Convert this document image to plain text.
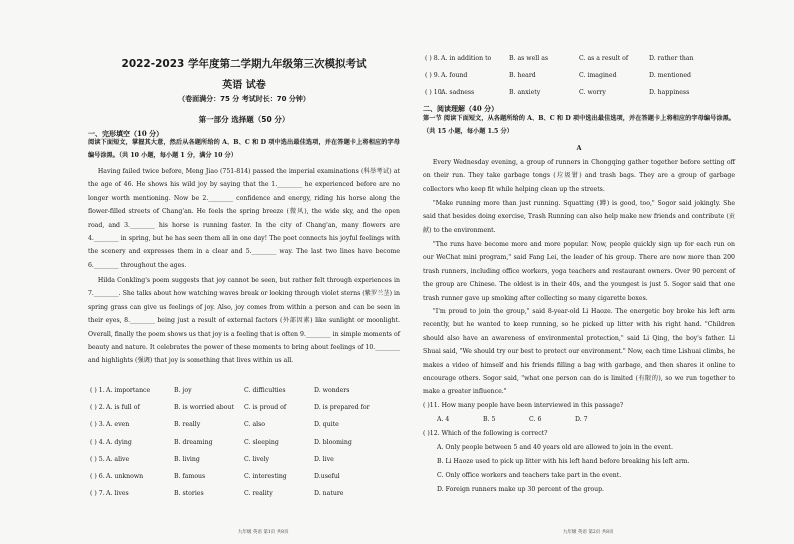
2022-2023 学年度第二学期九年级第三次模拟考试
英语 试卷
（卷面满分：75 分 考试时长：70 分钟）
第一部分 选择题（50 分）
一、完形填空（10 分）

阅读下面短文，掌握其大意，然后从各题所给的 A、B、C 和 D 项中选出最佳选项，并在答题卡上将相应的字母编号涂黑。（共 10 小题，每小题 1 分，满分 10 分）

Having failed twice before, Meng Jiao (751-814) passed the imperial examinations (科举考试) at the age of 46. He shows his wild joy by saying that the 1.________ he experienced before are no longer worth mentioning. Now be 2.________ confidence and energy, riding his horse along the flower-filled streets of Chang'an. He feels the spring breeze (微风), the wide sky, and the open road, and 3.________ his horse is running faster. In the city of Chang'an, many flowers are 4.________ in spring, but he has seen them all in one day! The poet connects his joyful feelings with the scenery and expresses them in a clear and 5.________ way. The last two lines have become 6.________ throughout the ages.

Hilda Conkling's poem suggests that joy cannot be seen, but rather felt through experiences in 7.________. She talks about how watching waves break or looking through violet sterns (紫罗兰茎) in spring grass can give us feelings of joy. Also, joy comes from within a person and can be seen in their eyes, 8.________ being just a result of external factors (外部因素) like sunlight or moonlight. Overall, finally the poem shows us that joy is a feeling that is often 9.________ in simple moments of beauty and nature. It celebrates the power of these moments to bring about feelings of 10.________ and highlights (强调) that joy is something that lives within us all.

( ) 1. A. importance	B. joy	C. difficulties	D. wonders
( ) 2. A. is full of	B. is worried about C. is proud of	D. is prepared for
( ) 3. A. even	B. really	C. also	D. quite
( ) 4. A. dying	B. dreaming	C. sleeping	D. blooming
( ) 5. A. alive	B. living	C. lively	D. live
( ) 6. A. unknown	B. famous	C. interesting	D.useful
( ) 7. A. lives	B. stories	C. reality	D. nature
九年级 英语 第1页 共8页
( ) 8. A. in addition to	B. as well as	C. as a result of	D. rather than
( ) 9. A. found	B. heard	C. imagined	D. mentioned
( ) 10.
A. sadness	B. anxiety	C. worry	D. happiness
二、阅读理解（40 分）

第一节 阅读下面短文，从各题所给的 A、B、C 和 D 项中选出最佳选项，并在答题卡上将相应的字母编号涂黑。（共 15 小题，每小题 1.5 分）

A

Every Wednesday evening, a group of runners in Chongqing gather together before setting off on their run. They take garbage tongs (垃圾钳) and trash bags. They are a group of garbage collectors who keep fit while helping clean up the streets.

"Make running more than just running. Squatting (蹲) is good, too," Sogor said jokingly. She said that besides doing exercise, Trash Running can also help make new friends and contribute (贡献) to the environment.

"The runs have become more and more popular. Now, people quickly sign up for each run on our WeChat mini program," said Fang Lei, the leader of his group. There are now more than 200 trash runners, including office workers, yoga teachers and restaurant owners. Over 90 percent of the group are Chinese. The oldest is in their 40s, and the youngest is just 5. Sogor said that one trash runner gave up smoking after collecting so many cigarette boxes.

"I'm proud to join the group," said 8-year-old Li Haoze. The energetic boy broke his left arm recently, but he wanted to keep running, so he picked up litter with his right hand. "Children should also have an awareness of environmental protection," said Li Qing, the boy's father. Li Shuai said, "We should try our best to protect our environment." Now, each time Lishuai climbs, he makes a video of himself and his friends filling a bag with garbage, and then shares it online to encourage others. Sogor said, "what one person can do is limited (有限的), so we run together to make a greater influence."

( )11. How many people have been interviewed in this passage?
A. 4	B. 5	C. 6	D. 7
( )12. Which of the following is correct?
A. Only people between 5 and 40 years old are allowed to join in the event.
B. Li Haoze used to pick up litter with his left hand before breaking his left arm.
C. Only office workers and teachers take part in the event.
D. Foreign runners make up 30 percent of the group.
九年级 英语 第2页 共8页
